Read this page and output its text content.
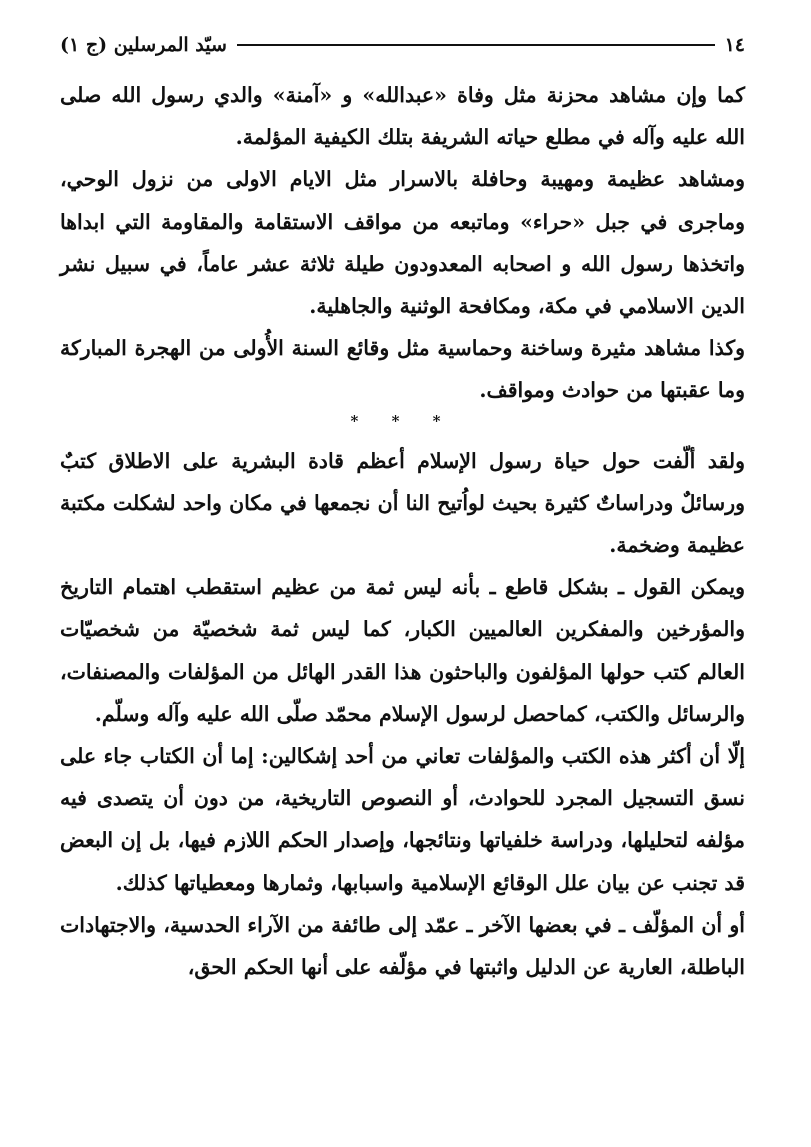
١٤
سيّد المرسلين (ج ١)

كما وإن مشاهد محزنة مثل وفاة «عبدالله» و «آمنة» والدي رسول الله صلى الله عليه وآله في مطلع حياته الشريفة بتلك الكيفية المؤلمة.

ومشاهد عظيمة ومهيبة وحافلة بالاسرار مثل الايام الاولى من نزول الوحي، وماجرى في جبل «حراء» وماتبعه من مواقف الاستقامة والمقاومة التي ابداها واتخذها رسول الله و اصحابه المعدودون طيلة ثلاثة عشر عاماً، في سبيل نشر الدين الاسلامي في مكة، ومكافحة الوثنية والجاهلية.

وكذا مشاهد مثيرة وساخنة وحماسية مثل وقائع السنة الأُولى من الهجرة المباركة وما عقبتها من حوادث ومواقف.

* * *

ولقد ألّفت حول حياة رسول الإسلام أعظم قادة البشرية على الاطلاق كتبٌ ورسائلٌ ودراساتٌ كثيرة بحيث لواُتيح النا أن نجمعها في مكان واحد لشكلت مكتبة عظيمة وضخمة.

ويمكن القول ـ بشكل قاطع ـ بأنه ليس ثمة من عظيم استقطب اهتمام التاريخ والمؤرخين والمفكرين العالميين الكبار، كما ليس ثمة شخصيّة من شخصيّات العالم كتب حولها المؤلفون والباحثون هذا القدر الهائل من المؤلفات والمصنفات، والرسائل والكتب، كماحصل لرسول الإسلام محمّد صلّى الله عليه وآله وسلّم.

إلّا أن أكثر هذه الكتب والمؤلفات تعاني من أحد إشكالين: إما أن الكتاب جاء على نسق التسجيل المجرد للحوادث، أو النصوص التاريخية، من دون أن يتصدى فيه مؤلفه لتحليلها، ودراسة خلفياتها ونتائجها، وإصدار الحكم اللازم فيها، بل إن البعض قد تجنب عن بيان علل الوقائع الإسلامية واسبابها، وثمارها ومعطياتها كذلك.

أو أن المؤلّف ـ في بعضها الآخر ـ عمّد إلى طائفة من الآراء الحدسية، والاجتهادات الباطلة، العارية عن الدليل واثبتها في مؤلّفه على أنها الحكم الحق،
